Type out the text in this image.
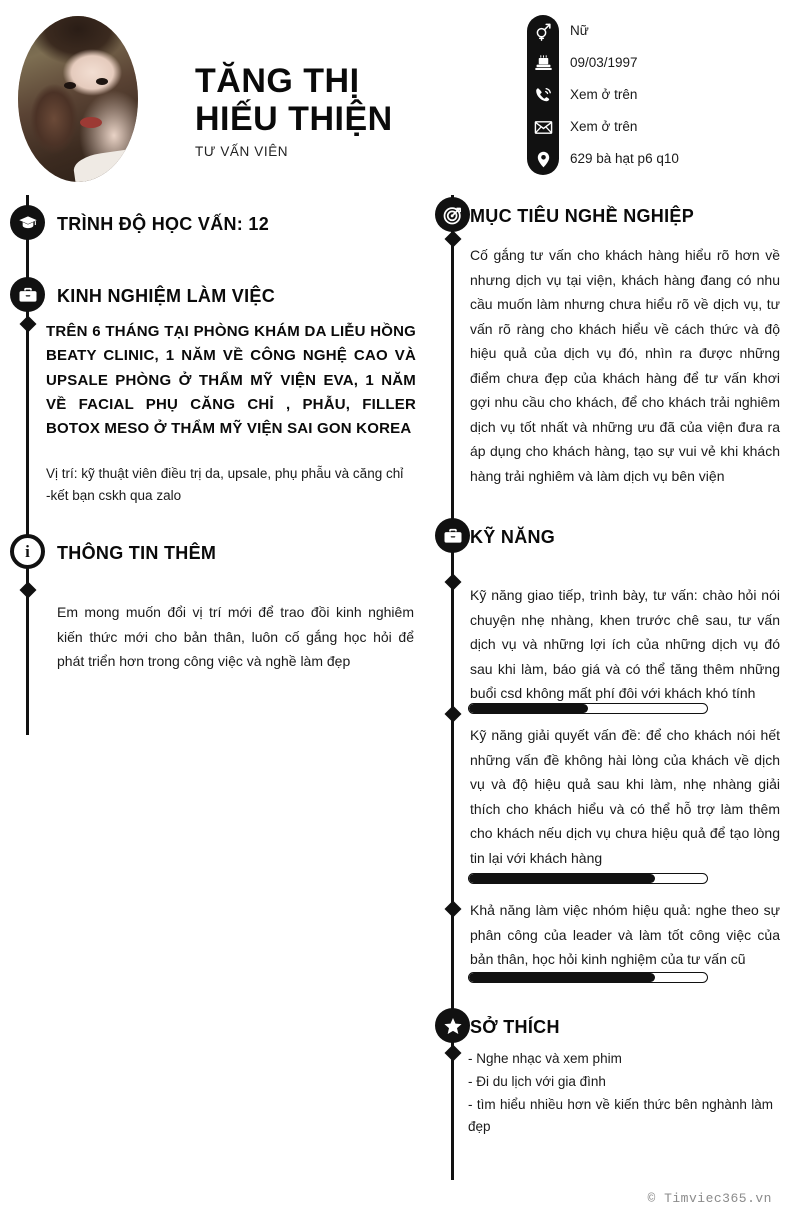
TĂNG THỊ
HIẾU THIỆN
TƯ VẤN VIÊN
Nữ
09/03/1997
Xem ở trên
Xem ở trên
629 bà hạt p6 q10
TRÌNH ĐỘ HỌC VẤN: 12
KINH NGHIỆM LÀM VIỆC
TRÊN 6 THÁNG TẠI PHÒNG KHÁM DA LIỄU HỒNG BEATY CLINIC, 1 NĂM VỀ CÔNG NGHỆ CAO VÀ UPSALE PHÒNG Ở THẨM MỸ VIỆN EVA, 1 NĂM VỀ FACIAL PHỤ CĂNG CHỈ , PHẪU, FILLER BOTOX MESO Ở THẨM MỸ VIỆN SAI GON KOREA
Vị trí: kỹ thuật viên điều trị da, upsale, phụ phẫu và căng chỉ
-kết bạn cskh qua zalo
i THÔNG TIN THÊM
Em mong muốn đổi vị trí mới để trao đồi kinh nghiêm kiến thức mới cho bản thân, luôn cố gắng học hỏi để phát triển hơn trong công việc và nghề làm đẹp
MỤC TIÊU NGHỀ NGHIỆP
Cố gắng tư vấn cho khách hàng hiểu rõ hơn về nhưng dịch vụ tại viện, khách hàng đang có nhu cầu muốn làm nhưng chưa hiểu rõ về dịch vụ, tư vấn rõ ràng cho khách hiểu về cách thức và độ hiệu quả của dịch vụ đó, nhìn ra được những điểm chưa đẹp của khách hàng để tư vấn khơi gợi nhu cầu cho khách, để cho khách trải nghiêm dịch vụ tốt nhất và những ưu đã của viện đưa ra áp dụng cho khách hàng, tạo sự vui vẻ khi khách hàng trải nghiêm và làm dịch vụ bên viện
KỸ NĂNG
Kỹ năng giao tiếp, trình bày, tư vấn: chào hỏi nói chuyện nhẹ nhàng, khen trước chê sau, tư vấn dịch vụ và những lợi ích của những dịch vụ đó sau khi làm, báo giá và có thể tăng thêm những buổi csd không mất phí đôi với khách khó tính
Kỹ năng giải quyết vấn đề: để cho khách nói hết những vấn đề không hài lòng của khách về dịch vụ và độ hiệu quả sau khi làm, nhẹ nhàng giải thích cho khách hiểu và có thể hỗ trợ làm thêm cho khách nếu dịch vụ chưa hiệu quả để tạo lòng tin lại với khách hàng
Khả năng làm việc nhóm hiệu quả: nghe theo sự phân công của leader và làm tốt công việc của bản thân, học hỏi kinh nghiệm của tư vấn cũ
SỞ THÍCH
- Nghe nhạc và xem phim
- Đi du lịch với gia đình
- tìm hiểu nhiều hơn về kiến thức bên nghành làm đẹp
© Timviec365.vn
